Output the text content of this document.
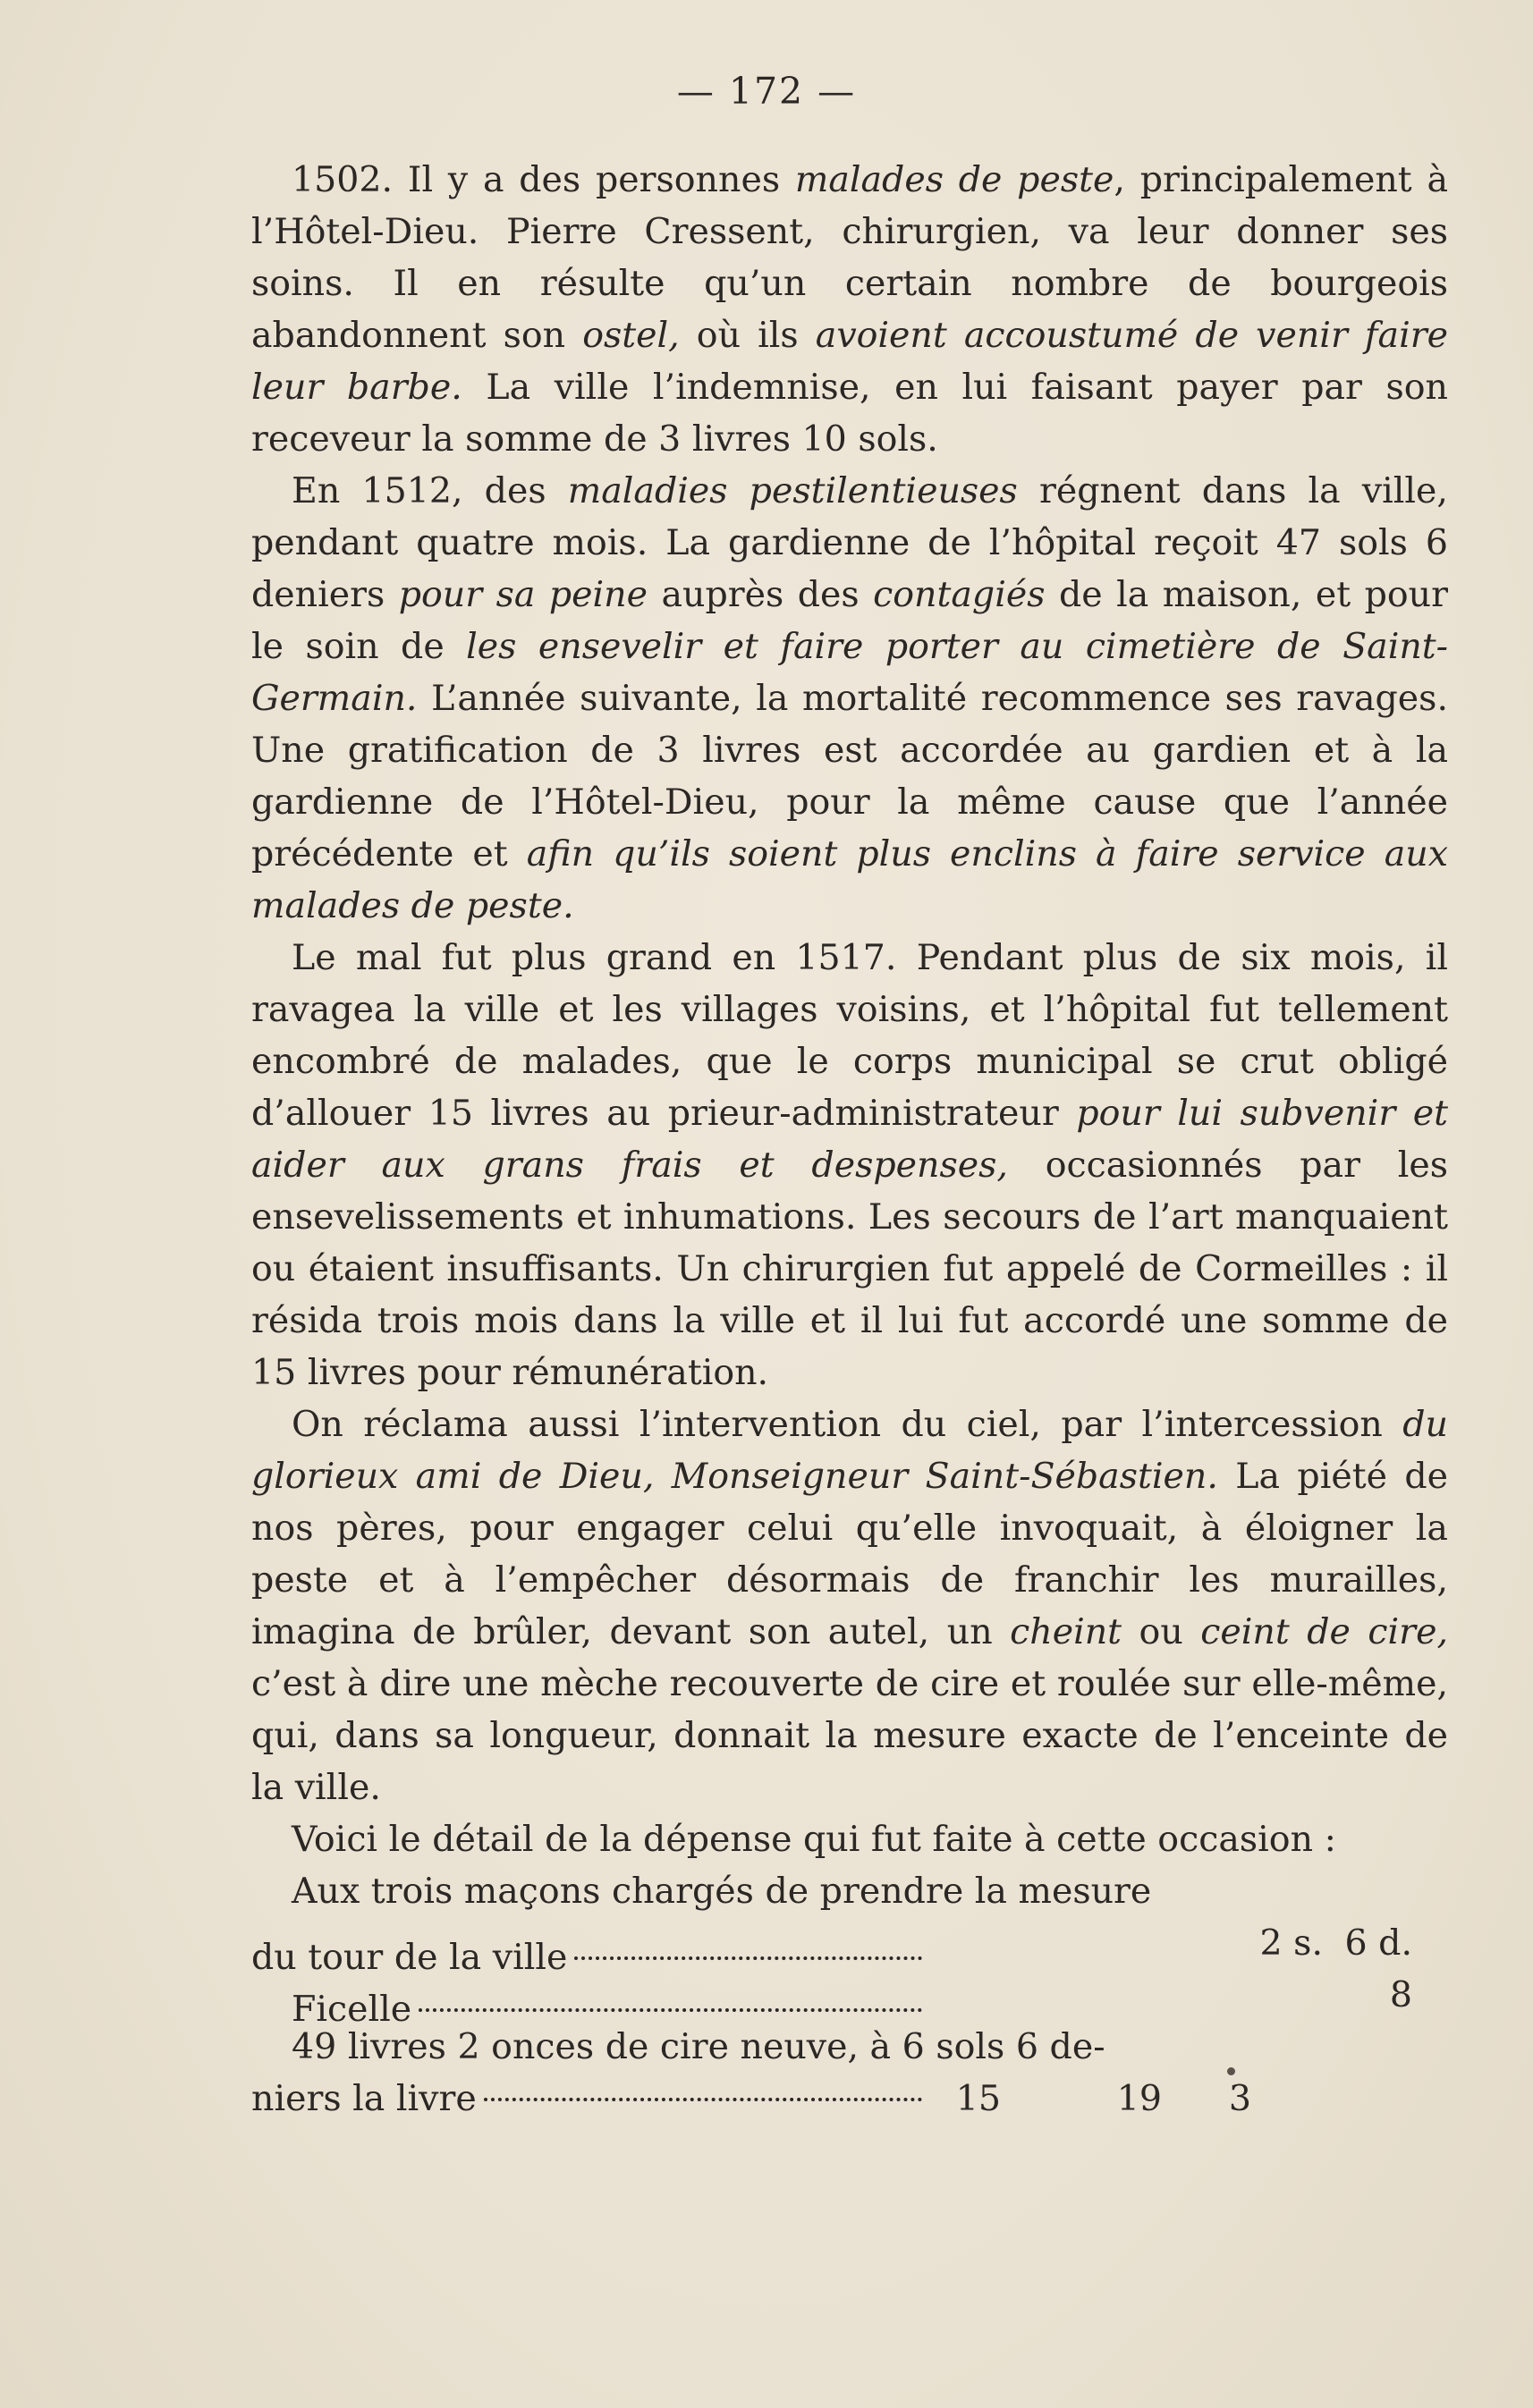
— 172 —
1502. Il y a des personnes malades de peste, principalement à l’Hôtel-Dieu. Pierre Cressent, chirurgien, va leur donner ses soins. Il en résulte qu’un certain nombre de bourgeois abandonnent son ostel, où ils avoient accoustumé de venir faire leur barbe. La ville l’indemnise, en lui faisant payer par son receveur la somme de 3 livres 10 sols.
En 1512, des maladies pestilentieuses régnent dans la ville, pendant quatre mois. La gardienne de l’hôpital reçoit 47 sols 6 deniers pour sa peine auprès des contagiés de la maison, et pour le soin de les ensevelir et faire porter au cimetière de Saint-Germain. L’année suivante, la mortalité recommence ses ravages. Une gratification de 3 livres est accordée au gardien et à la gardienne de l’Hôtel-Dieu, pour la même cause que l’année précédente et afin qu’ils soient plus enclins à faire service aux malades de peste.
Le mal fut plus grand en 1517. Pendant plus de six mois, il ravagea la ville et les villages voisins, et l’hôpital fut tellement encombré de malades, que le corps municipal se crut obligé d’allouer 15 livres au prieur-administrateur pour lui subvenir et aider aux grans frais et despenses, occasionnés par les ensevelissements et inhumations. Les secours de l’art manquaient ou étaient insuffisants. Un chirurgien fut appelé de Cormeilles : il résida trois mois dans la ville et il lui fut accordé une somme de 15 livres pour rémunération.
On réclama aussi l’intervention du ciel, par l’intercession du glorieux ami de Dieu, Monseigneur Saint-Sébastien. La piété de nos pères, pour engager celui qu’elle invoquait, à éloigner la peste et à l’empêcher désormais de franchir les murailles, imagina de brûler, devant son autel, un cheint ou ceint de cire, c’est à dire une mèche recouverte de cire et roulée sur elle-même, qui, dans sa longueur, donnait la mesure exacte de l’enceinte de la ville.
Voici le détail de la dépense qui fut faite à cette occasion :
Aux trois maçons chargés de prendre la mesure
du tour de la ville	2 s. 6 d.
Ficelle	8
49 livres 2 onces de cire neuve, à 6 sols 6 de-
niers la livre	15	19	3
